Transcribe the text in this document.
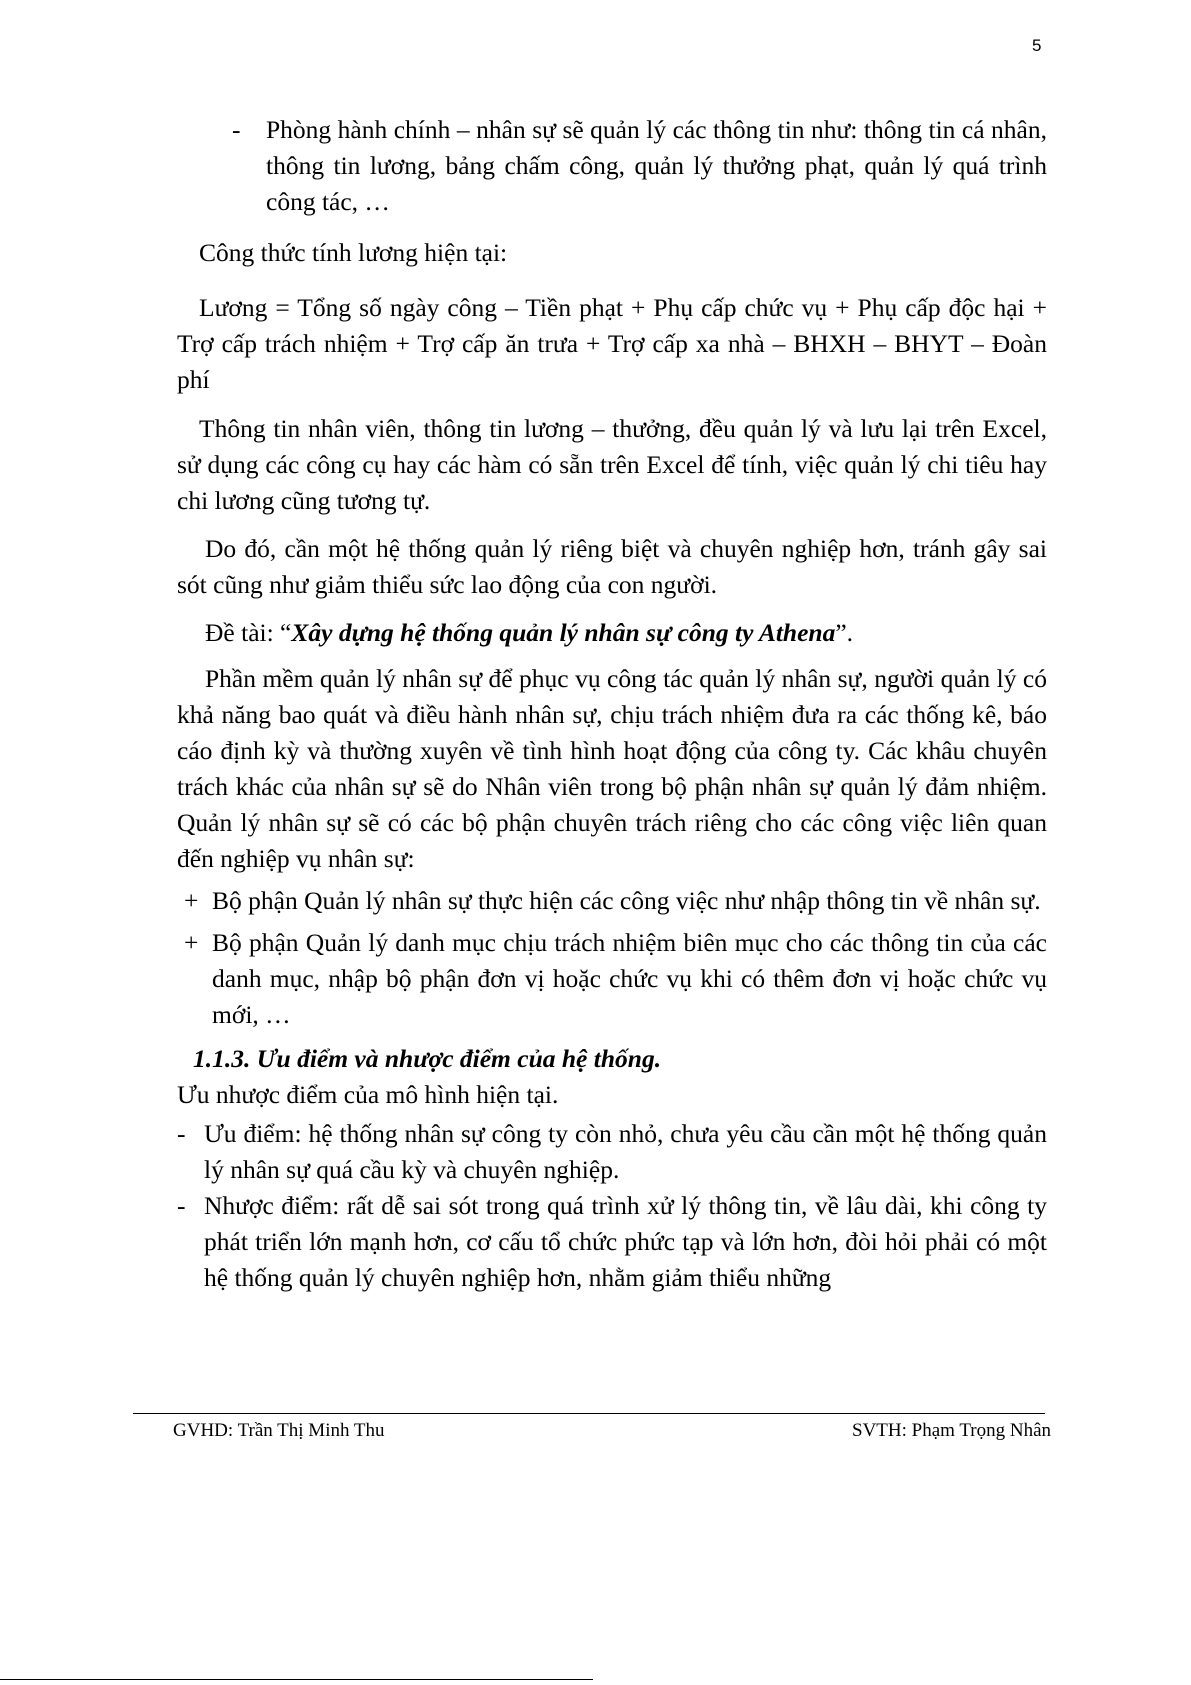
5
- Phòng hành chính – nhân sự sẽ quản lý các thông tin như: thông tin cá nhân, thông tin lương, bảng chấm công, quản lý thưởng phạt, quản lý quá trình công tác, …

Công thức tính lương hiện tại:

Lương = Tổng số ngày công – Tiền phạt + Phụ cấp chức vụ + Phụ cấp độc hại + Trợ cấp trách nhiệm + Trợ cấp ăn trưa + Trợ cấp xa nhà – BHXH – BHYT – Đoàn phí

Thông tin nhân viên, thông tin lương – thưởng, đều quản lý và lưu lại trên Excel, sử dụng các công cụ hay các hàm có sẵn trên Excel để tính, việc quản lý chi tiêu hay chi lương cũng tương tự.

Do đó, cần một hệ thống quản lý riêng biệt và chuyên nghiệp hơn, tránh gây sai sót cũng như giảm thiểu sức lao động của con người.

Đề tài: “Xây dựng hệ thống quản lý nhân sự công ty Athena”.

Phần mềm quản lý nhân sự để phục vụ công tác quản lý nhân sự, người quản lý có khả năng bao quát và điều hành nhân sự, chịu trách nhiệm đưa ra các thống kê, báo cáo định kỳ và thường xuyên về tình hình hoạt động của công ty. Các khâu chuyên trách khác của nhân sự sẽ do Nhân viên trong bộ phận nhân sự quản lý đảm nhiệm. Quản lý nhân sự sẽ có các bộ phận chuyên trách riêng cho các công việc liên quan đến nghiệp vụ nhân sự:

+ Bộ phận Quản lý nhân sự thực hiện các công việc như nhập thông tin về nhân sự.
+ Bộ phận Quản lý danh mục chịu trách nhiệm biên mục cho các thông tin của các danh mục, nhập bộ phận đơn vị hoặc chức vụ khi có thêm đơn vị hoặc chức vụ mới, …

1.1.3. Ưu điểm và nhược điểm của hệ thống.

Ưu nhược điểm của mô hình hiện tại.

- Ưu điểm: hệ thống nhân sự công ty còn nhỏ, chưa yêu cầu cần một hệ thống quản lý nhân sự quá cầu kỳ và chuyên nghiệp.
- Nhược điểm: rất dễ sai sót trong quá trình xử lý thông tin, về lâu dài, khi công ty phát triển lớn mạnh hơn, cơ cấu tổ chức phức tạp và lớn hơn, đòi hỏi phải có một hệ thống quản lý chuyên nghiệp hơn, nhằm giảm thiểu những
GVHD: Trần Thị Minh Thu	SVTH: Phạm Trọng Nhân
